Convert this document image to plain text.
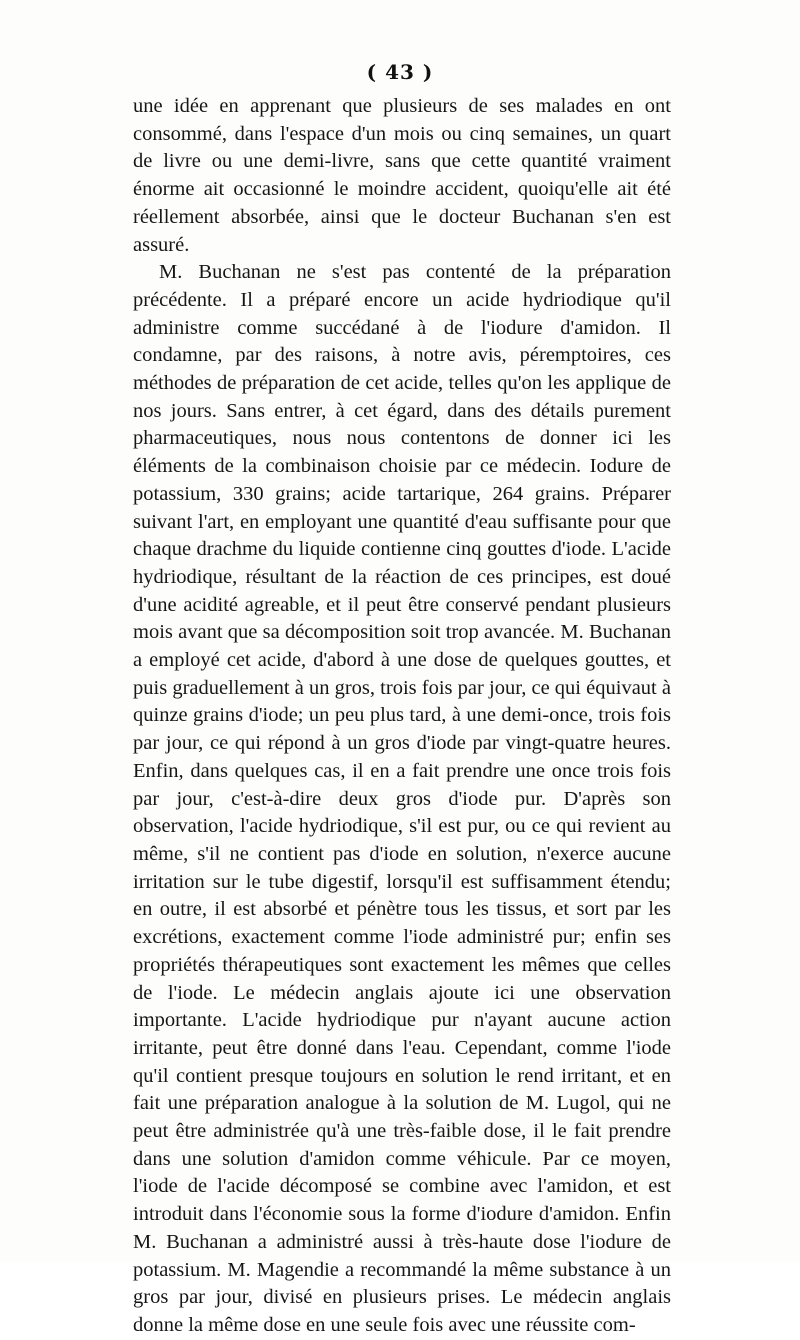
( 43 )

une idée en apprenant que plusieurs de ses malades en ont consommé, dans l'espace d'un mois ou cinq semaines, un quart de livre ou une demi-livre, sans que cette quantité vraiment énorme ait occasionné le moindre accident, quoiqu'elle ait été réellement absorbée, ainsi que le docteur Buchanan s'en est assuré.

M. Buchanan ne s'est pas contenté de la préparation précédente. Il a préparé encore un acide hydriodique qu'il administre comme succédané à de l'iodure d'amidon. Il condamne, par des raisons, à notre avis, péremptoires, ces méthodes de préparation de cet acide, telles qu'on les applique de nos jours. Sans entrer, à cet égard, dans des détails purement pharmaceutiques, nous nous contentons de donner ici les éléments de la combinaison choisie par ce médecin. Iodure de potassium, 330 grains; acide tartarique, 264 grains. Préparer suivant l'art, en employant une quantité d'eau suffisante pour que chaque drachme du liquide contienne cinq gouttes d'iode. L'acide hydriodique, résultant de la réaction de ces principes, est doué d'une acidité agreable, et il peut être conservé pendant plusieurs mois avant que sa décomposition soit trop avancée. M. Buchanan a employé cet acide, d'abord à une dose de quelques gouttes, et puis graduellement à un gros, trois fois par jour, ce qui équivaut à quinze grains d'iode; un peu plus tard, à une demi-once, trois fois par jour, ce qui répond à un gros d'iode par vingt-quatre heures. Enfin, dans quelques cas, il en a fait prendre une once trois fois par jour, c'est-à-dire deux gros d'iode pur. D'après son observation, l'acide hydriodique, s'il est pur, ou ce qui revient au même, s'il ne contient pas d'iode en solution, n'exerce aucune irritation sur le tube digestif, lorsqu'il est suffisamment étendu; en outre, il est absorbé et pénètre tous les tissus, et sort par les excrétions, exactement comme l'iode administré pur; enfin ses propriétés thérapeutiques sont exactement les mêmes que celles de l'iode. Le médecin anglais ajoute ici une observation importante. L'acide hydriodique pur n'ayant aucune action irritante, peut être donné dans l'eau. Cependant, comme l'iode qu'il contient presque toujours en solution le rend irritant, et en fait une préparation analogue à la solution de M. Lugol, qui ne peut être administrée qu'à une très-faible dose, il le fait prendre dans une solution d'amidon comme véhicule. Par ce moyen, l'iode de l'acide décomposé se combine avec l'amidon, et est introduit dans l'économie sous la forme d'iodure d'amidon. Enfin M. Buchanan a administré aussi à très-haute dose l'iodure de potassium. M. Magendie a recommandé la même substance à un gros par jour, divisé en plusieurs prises. Le médecin anglais donne la même dose en une seule fois avec une réussite com-
